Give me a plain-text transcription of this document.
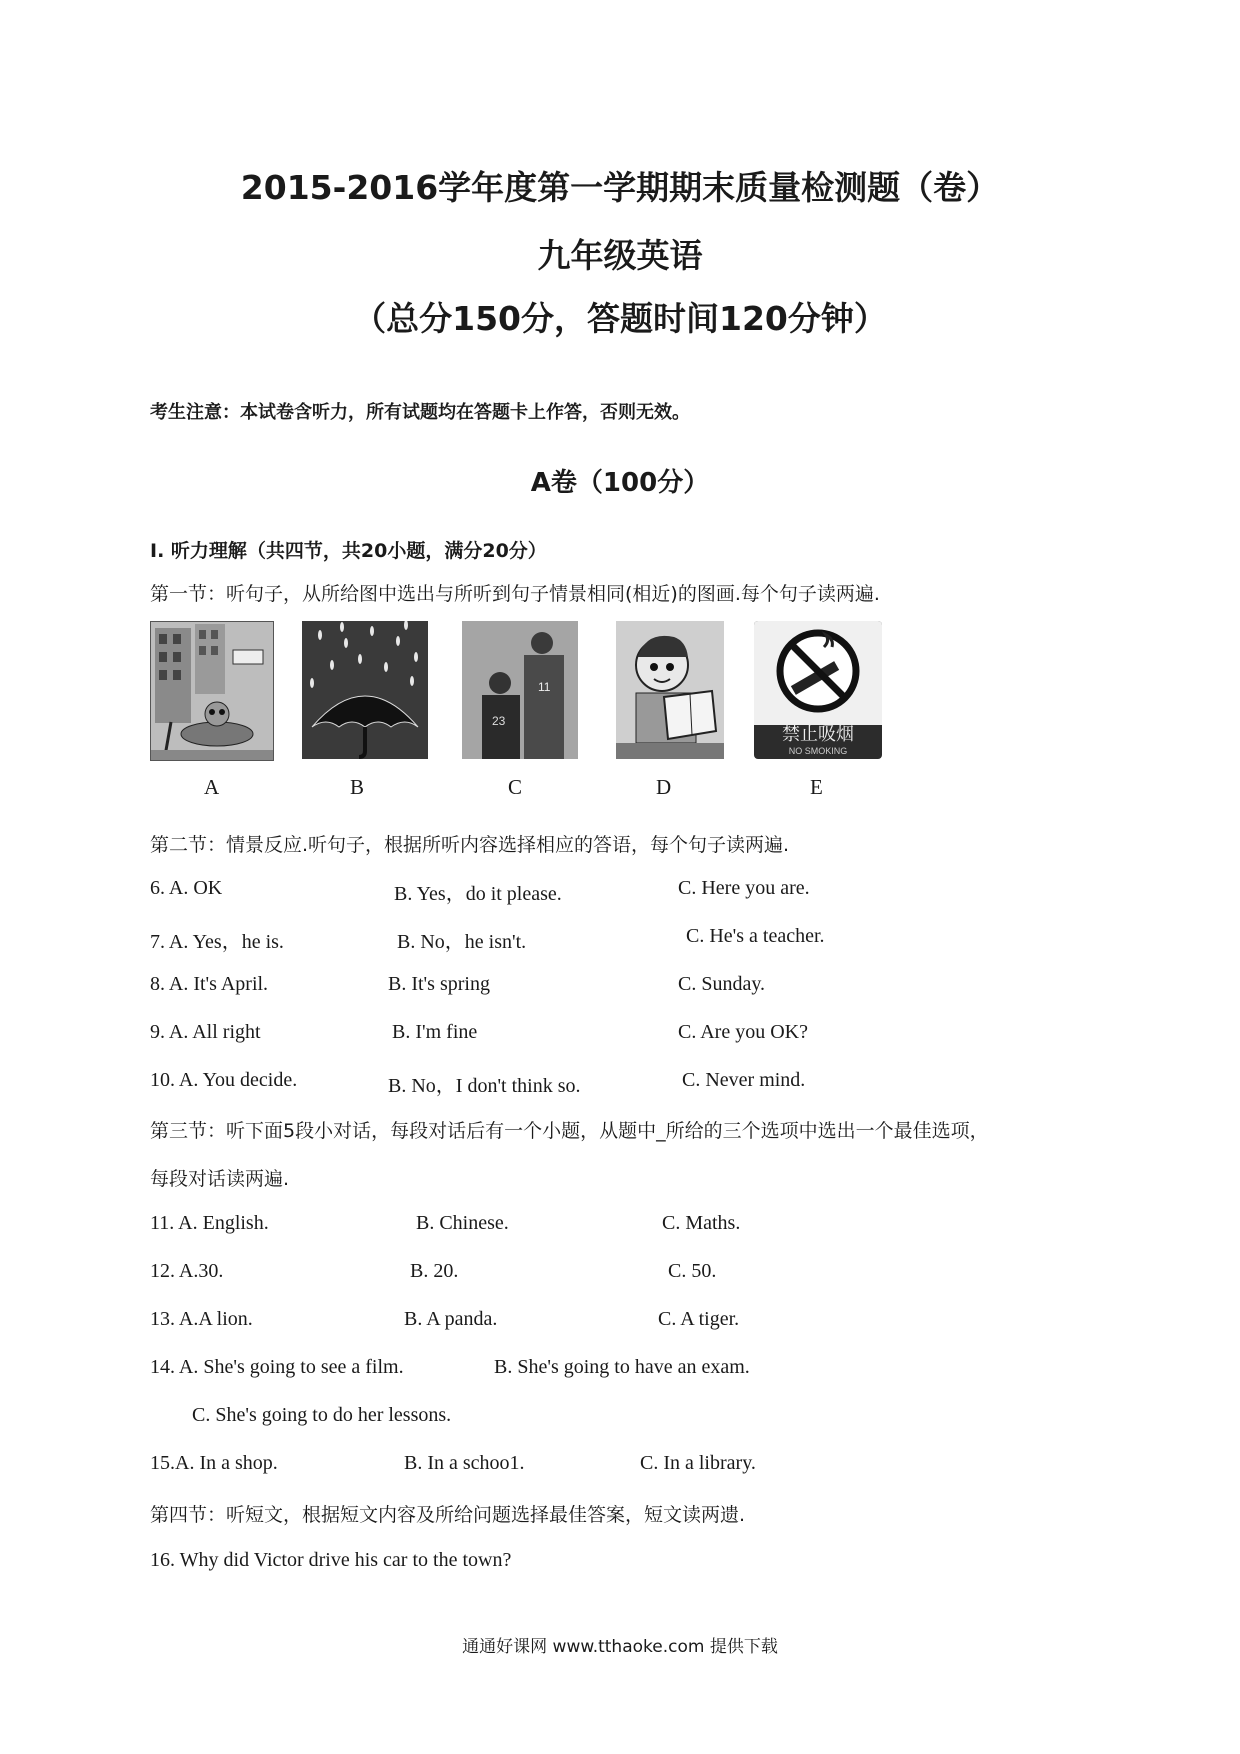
2015-2016学年度第一学期期末质量检测题（卷）
九年级英语
（总分150分，答题时间120分钟）
考生注意：本试卷含听力，所有试题均在答题卡上作答，否则无效。
A卷（100分）
Ⅰ. 听力理解（共四节，共20小题，满分20分）
第一节：听句子，从所给图中选出与所听到句子情景相同(相近)的图画.每个句子读两遍.
23
11
禁止吸烟
NO SMOKING
A	B	C	D	E
第二节：情景反应.听句子，根据所听内容选择相应的答语，每个句子读两遍.
6. A. OK	B. Yes，do it please.	C. Here you are.
7. A. Yes，he is.	B. No，he isn't.	C. He's a teacher.
8. A. It's April.	B. It's spring	C. Sunday.
9. A. All right	B. I'm fine	C. Are you OK?
10. A. You decide.	B. No，I don't think so.	C. Never mind.
第三节：听下面5段小对话，每段对话后有一个小题，从题中_所给的三个选项中选出一个最佳选项，
每段对话读两遍.
11. A. English.	B. Chinese.	C. Maths.
12. A.30.	B. 20.	C. 50.
13. A.A lion.	B. A panda.	C. A tiger.
14. A. She's going to see a film.	B. She's going to have an exam.
C. She's going to do her lessons.
15.A. In a shop.	B. In a schoo1.	C. In a library.
第四节：听短文，根据短文内容及所给问题选择最佳答案，短文读两遗.
16. Why did Victor drive his car to the town?
通通好课网 www.tthaoke.com 提供下载
